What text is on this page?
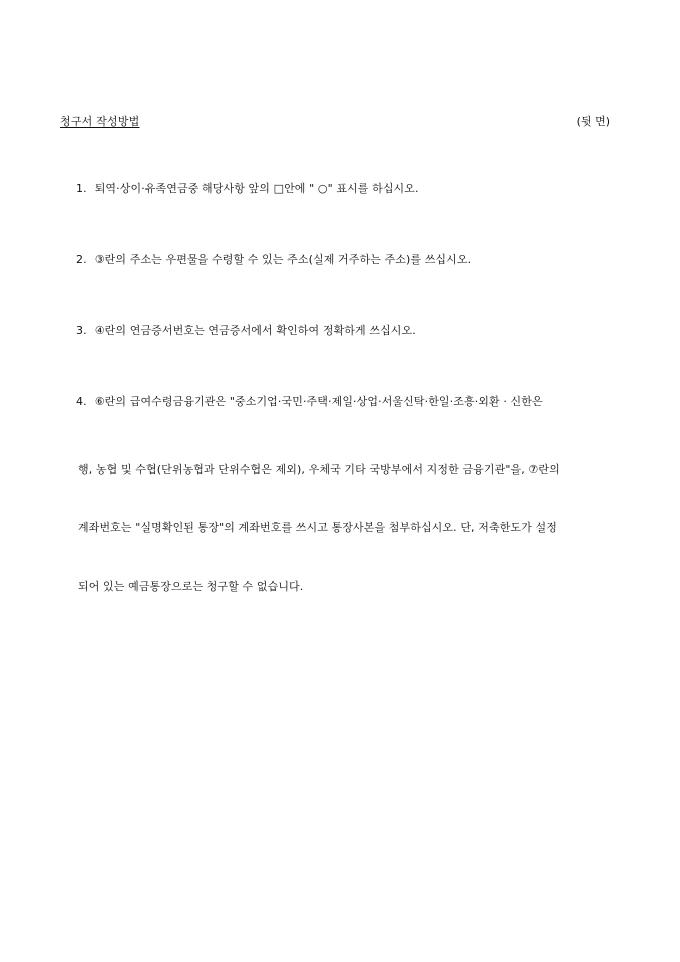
청구서 작성방법	(뒷 면)
1. 퇴역·상이·유족연금중 해당사항 앞의 □안에 " ○" 표시를 하십시오.
2. ③란의 주소는 우편물을 수령할 수 있는 주소(실제 거주하는 주소)를 쓰십시오.
3. ④란의 연금증서번호는 연금증서에서 확인하여 정확하게 쓰십시오.
4. ⑥란의 급여수령금융기관은 "중소기업·국민·주택·제일·상업·서울신탁·한일·조흥·외환 · 신한은
행, 농협 및 수협(단위농협과 단위수협은 제외), 우체국 기타 국방부에서 지정한 금융기관"을, ⑦란의
계좌번호는 "실명확인된 통장"의 계좌번호를 쓰시고 통장사본을 첨부하십시오. 단, 저축한도가 설정
되어 있는 예금통장으로는 청구할 수 없습니다.
